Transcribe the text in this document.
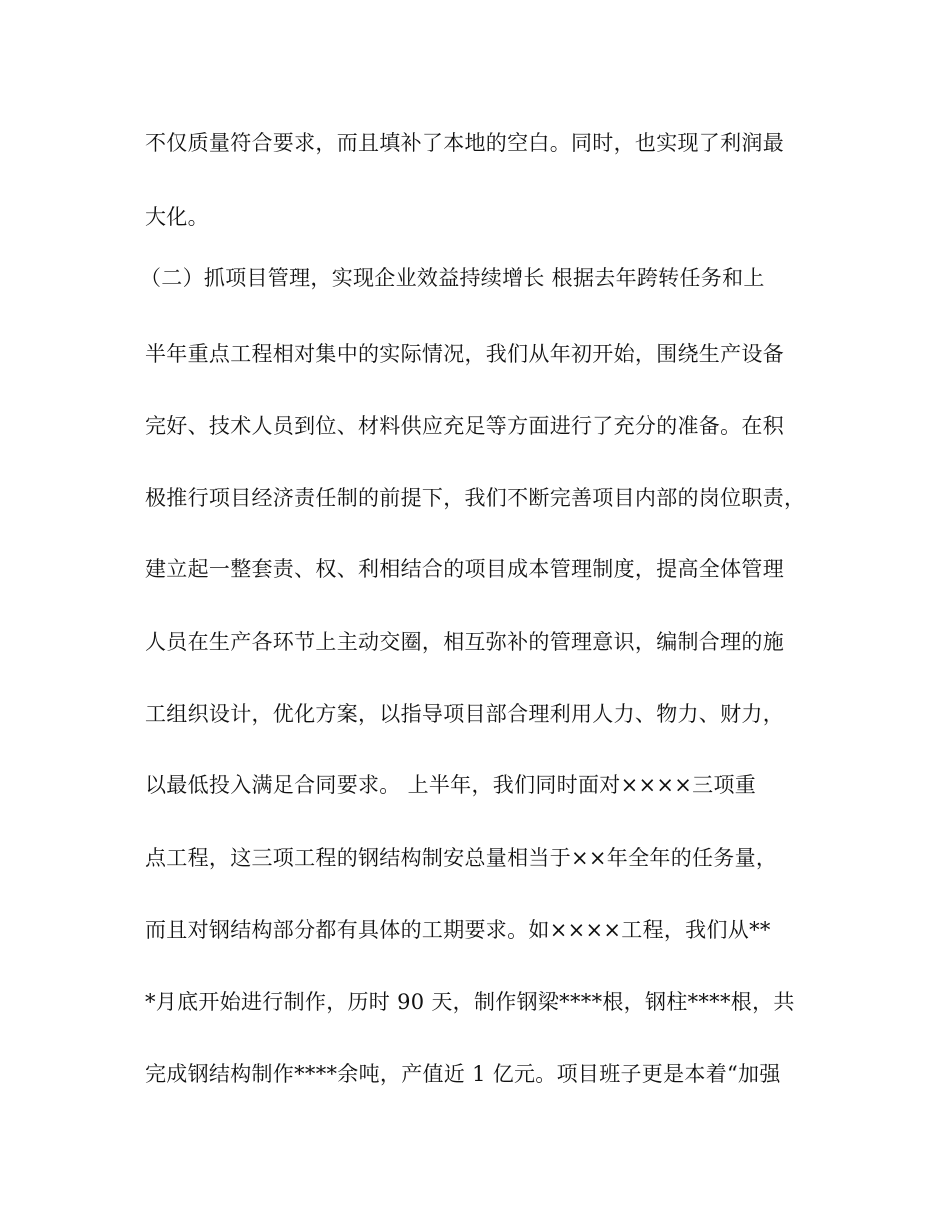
不仅质量符合要求，而且填补了本地的空白。同时，也实现了利润最
大化。
（二）抓项目管理，实现企业效益持续增长 根据去年跨转任务和上
半年重点工程相对集中的实际情况，我们从年初开始，围绕生产设备
完好、技术人员到位、材料供应充足等方面进行了充分的准备。在积
极推行项目经济责任制的前提下，我们不断完善项目内部的岗位职责，
建立起一整套责、权、利相结合的项目成本管理制度，提高全体管理
人员在生产各环节上主动交圈，相互弥补的管理意识，编制合理的施
工组织设计，优化方案，以指导项目部合理利用人力、物力、财力，
以最低投入满足合同要求。 上半年，我们同时面对××××三项重
点工程，这三项工程的钢结构制安总量相当于××年全年的任务量，
而且对钢结构部分都有具体的工期要求。如××××工程，我们从**
*月底开始进行制作，历时 90 天，制作钢梁****根，钢柱****根，共
完成钢结构制作****余吨，产值近 1 亿元。项目班子更是本着“加强
